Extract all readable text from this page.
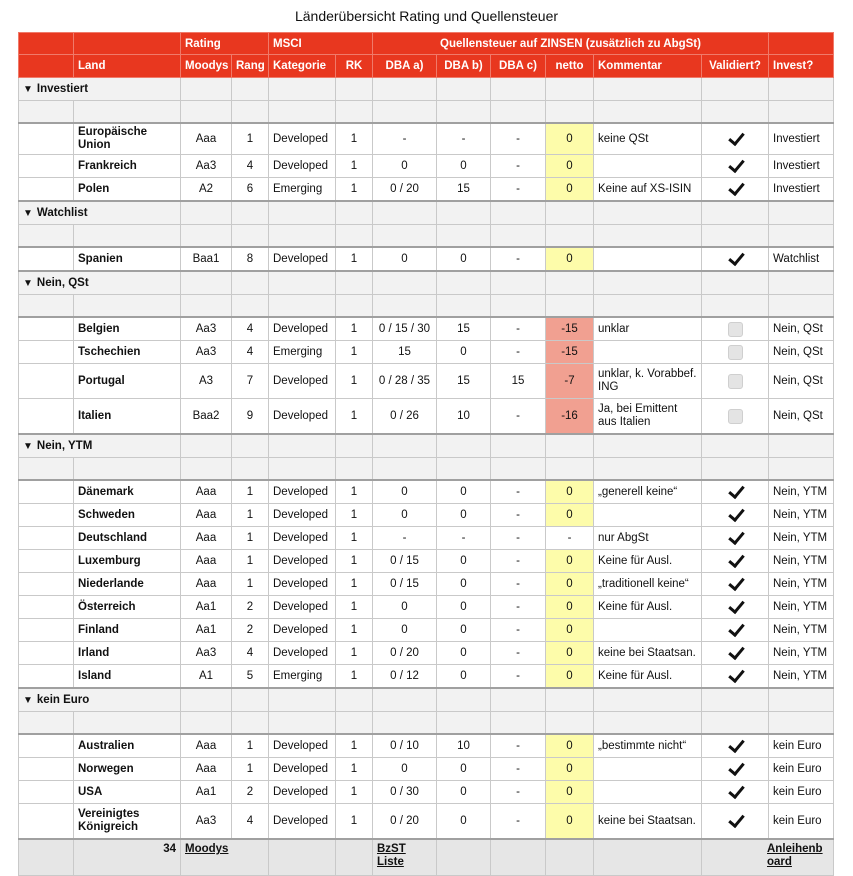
Länderübersicht Rating und Quellensteuer
		Rating		MSCI		Quellensteuer auf ZINSEN (zusätzlich zu AbgSt)							
	Land	Moodys	Rang	Kategorie	RK	DBA a)	DBA b)	DBA c)	netto	Kommentar	Validiert?	Invest?	
▼ Investiert													

	Europäische Union	Aaa	1	Developed	1	-	-	-	0	keine QSt		Investiert	
	Frankreich	Aa3	4	Developed	1	0	0	-	0			Investiert	
	Polen	A2	6	Emerging	1	0 / 20	15	-	0	Keine auf XS-ISIN		Investiert	
▼ Watchlist													

	Spanien	Baa1	8	Developed	1	0	0	-	0			Watchlist	
▼ Nein, QSt													

	Belgien	Aa3	4	Developed	1	0 / 15 / 30	15	-	-15	unklar		Nein, QSt	
	Tschechien	Aa3	4	Emerging	1	15	0	-	-15			Nein, QSt	
	Portugal	A3	7	Developed	1	0 / 28 / 35	15	15	-7	unklar, k. Vorabbef. ING		Nein, QSt	
	Italien	Baa2	9	Developed	1	0 / 26	10	-	-16	Ja, bei Emittent aus Italien		Nein, QSt	
▼ Nein, YTM													

	Dänemark	Aaa	1	Developed	1	0	0	-	0	„generell keine“		Nein, YTM	
	Schweden	Aaa	1	Developed	1	0	0	-	0			Nein, YTM	
	Deutschland	Aaa	1	Developed	1	-	-	-	-	nur AbgSt		Nein, YTM	
	Luxemburg	Aaa	1	Developed	1	0 / 15	0	-	0	Keine für Ausl.		Nein, YTM	
	Niederlande	Aaa	1	Developed	1	0 / 15	0	-	0	„traditionell keine“		Nein, YTM	
	Österreich	Aa1	2	Developed	1	0	0	-	0	Keine für Ausl.		Nein, YTM	
	Finland	Aa1	2	Developed	1	0	0	-	0			Nein, YTM	
	Irland	Aa3	4	Developed	1	0 / 20	0	-	0	keine bei Staatsan.		Nein, YTM	
	Island	A1	5	Emerging	1	0 / 12	0	-	0	Keine für Ausl.		Nein, YTM	
▼ kein Euro													

	Australien	Aaa	1	Developed	1	0 / 10	10	-	0	„bestimmte nicht“		kein Euro	
	Norwegen	Aaa	1	Developed	1	0	0	-	0			kein Euro	
	USA	Aa1	2	Developed	1	0 / 30	0	-	0			kein Euro	
	Vereinigtes Königreich	Aa3	4	Developed	1	0 / 20	0	-	0	keine bei Staatsan.		kein Euro	
	34	Moodys				BzST Liste					Anleihenboard		
